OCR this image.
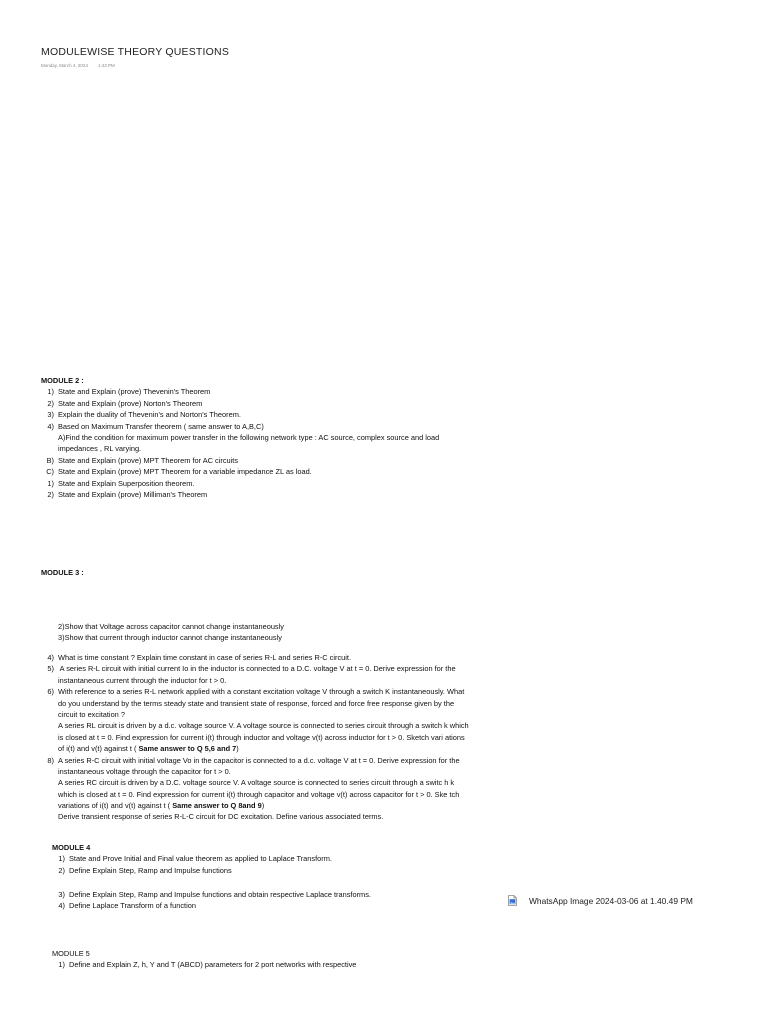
MODULEWISE THEORY QUESTIONS
Monday, March 4, 2024 1:43 PM
MODULE 2 :
1) State and Explain (prove) Thevenin's Theorem
2) State and Explain (prove) Norton's Theorem
3) Explain the duality of Thevenin's and Norton's Theorem.
4) Based on Maximum Transfer theorem ( same answer to A,B,C)
A)Find the condition for maximum power transfer in the following network type : AC source, complex source and load
impedances , RL varying.
B) State and Explain (prove) MPT Theorem for AC circuits
C) State and Explain (prove) MPT Theorem for a variable impedance ZL as load.
1) State and Explain Superposition theorem.
2) State and Explain (prove) Milliman's Theorem
MODULE 3 :
2)Show that Voltage across capacitor cannot change instantaneously
3)Show that current through inductor cannot change instantaneously
4) What is time constant ? Explain time constant in case of series R-L and series R-C circuit.
5) A series R-L circuit with initial current Io in the inductor is connected to a D.C. voltage V at t = 0. Derive expression for the
instantaneous current through the inductor for t > 0.
6) With reference to a series R-L network applied with a constant excitation voltage V through a switch K instantaneously. What
do you understand by the terms steady state and transient state of response, forced and force free response given by the
circuit to excitation ?
A series RL circuit is driven by a d.c. voltage source V. A voltage source is connected to series circuit through a switch k which
is closed at t = 0. Find expression for current i(t) through inductor and voltage v(t) across inductor for t > 0. Sketch vari ations
of i(t) and v(t) against t ( Same answer to Q 5,6 and 7)
8) A series R-C circuit with initial voltage Vo in the capacitor is connected to a d.c. voltage V at t = 0. Derive expression for the
instantaneous voltage through the capacitor for t > 0.
A series RC circuit is driven by a D.C. voltage source V. A voltage source is connected to series circuit through a switc h k
which is closed at t = 0. Find expression for current i(t) through capacitor and voltage v(t) across capacitor for t > 0. Ske tch
variations of i(t) and v(t) against t ( Same answer to Q 8and 9)
Derive transient response of series R-L-C circuit for DC excitation. Define various associated terms.
MODULE 4
1) State and Prove Initial and Final value theorem as applied to Laplace Transform.
2) Define Explain Step, Ramp and Impulse functions
3) Define Explain Step, Ramp and Impulse functions and obtain respective Laplace transforms.
4) Define Laplace Transform of a function
MODULE 5
1) Define and Explain Z, h, Y and T (ABCD) parameters for 2 port networks with respective
WhatsApp Image 2024-03-06 at 1.40.49 PM
